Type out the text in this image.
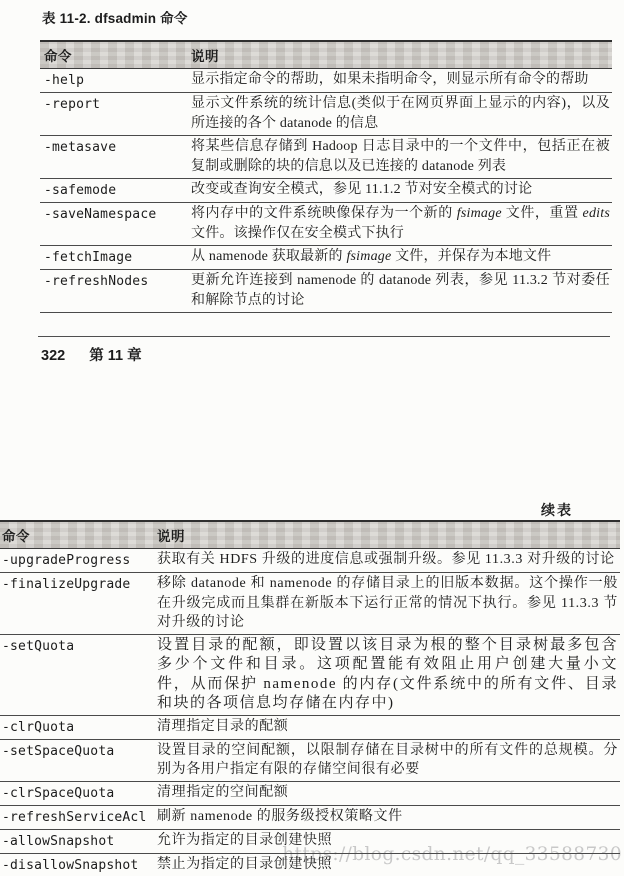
表 11-2. dfsadmin 命令
命令	说明
-help	显示指定命令的帮助，如果未指明命令，则显示所有命令的帮助
-report	显示文件系统的统计信息(类似于在网页界面上显示的内容)，以及所连接的各个 datanode 的信息
-metasave	将某些信息存储到 Hadoop 日志目录中的一个文件中，包括正在被复制或删除的块的信息以及已连接的 datanode 列表
-safemode	改变或查询安全模式，参见 11.1.2 节对安全模式的讨论
-saveNamespace	将内存中的文件系统映像保存为一个新的 fsimage 文件，重置 edits 文件。该操作仅在安全模式下执行
-fetchImage	从 namenode 获取最新的 fsimage 文件，并保存为本地文件
-refreshNodes	更新允许连接到 namenode 的 datanode 列表，参见 11.3.2 节对委任和解除节点的讨论
322 第 11 章
续表
https://blog.csdn.net/qq_33588730
命令	说明
-upgradeProgress	获取有关 HDFS 升级的进度信息或强制升级。参见 11.3.3 对升级的讨论
-finalizeUpgrade	移除 datanode 和 namenode 的存储目录上的旧版本数据。这个操作一般在升级完成而且集群在新版本下运行正常的情况下执行。参见 11.3.3 节对升级的讨论
-setQuota	设置目录的配额，即设置以该目录为根的整个目录树最多包含多少个文件和目录。这项配置能有效阻止用户创建大量小文件，从而保护 namenode 的内存(文件系统中的所有文件、目录和块的各项信息均存储在内存中)
-clrQuota	清理指定目录的配额
-setSpaceQuota	设置目录的空间配额，以限制存储在目录树中的所有文件的总规模。分别为各用户指定有限的存储空间很有必要
-clrSpaceQuota	清理指定的空间配额
-refreshServiceAcl	刷新 namenode 的服务级授权策略文件
-allowSnapshot	允许为指定的目录创建快照
-disallowSnapshot	禁止为指定的目录创建快照
